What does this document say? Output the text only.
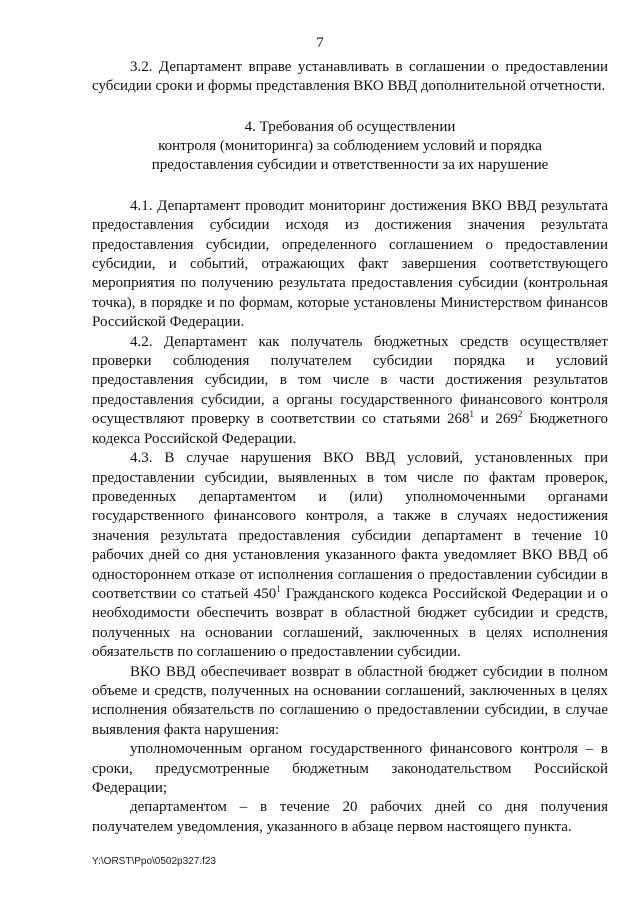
7

3.2. Департамент вправе устанавливать в соглашении о предоставлении субсидии сроки и формы представления ВКО ВВД дополнительной отчетности.

4. Требования об осуществлении
контроля (мониторинга) за соблюдением условий и порядка
предоставления субсидии и ответственности за их нарушение

4.1. Департамент проводит мониторинг достижения ВКО ВВД результата предоставления субсидии исходя из достижения значения результата предоставления субсидии, определенного соглашением о предоставлении субсидии, и событий, отражающих факт завершения соответствующего мероприятия по получению результата предоставления субсидии (контрольная точка), в порядке и по формам, которые установлены Министерством финансов Российской Федерации.

4.2. Департамент как получатель бюджетных средств осуществляет проверки соблюдения получателем субсидии порядка и условий предоставления субсидии, в том числе в части достижения результатов предоставления субсидии, а органы государственного финансового контроля осуществляют проверку в соответствии со статьями $268^1$ и $269^2$ Бюджетного кодекса Российской Федерации.

4.3. В случае нарушения ВКО ВВД условий, установленных при предоставлении субсидии, выявленных в том числе по фактам проверок, проведенных департаментом и (или) уполномоченными органами государственного финансового контроля, а также в случаях недостижения значения результата предоставления субсидии департамент в течение 10 рабочих дней со дня установления указанного факта уведомляет ВКО ВВД об одностороннем отказе от исполнения соглашения о предоставлении субсидии в соответствии со статьей $450^1$ Гражданского кодекса Российской Федерации и о необходимости обеспечить возврат в областной бюджет субсидии и средств, полученных на основании соглашений, заключенных в целях исполнения обязательств по соглашению о предоставлении субсидии.

ВКО ВВД обеспечивает возврат в областной бюджет субсидии в полном объеме и средств, полученных на основании соглашений, заключенных в целях исполнения обязательств по соглашению о предоставлении субсидии, в случае выявления факта нарушения:

уполномоченным органом государственного финансового контроля – в сроки, предусмотренные бюджетным законодательством Российской Федерации;

департаментом – в течение 20 рабочих дней со дня получения получателем уведомления, указанного в абзаце первом настоящего пункта.

Y:\ORST\Ppo\0502p327.f23
